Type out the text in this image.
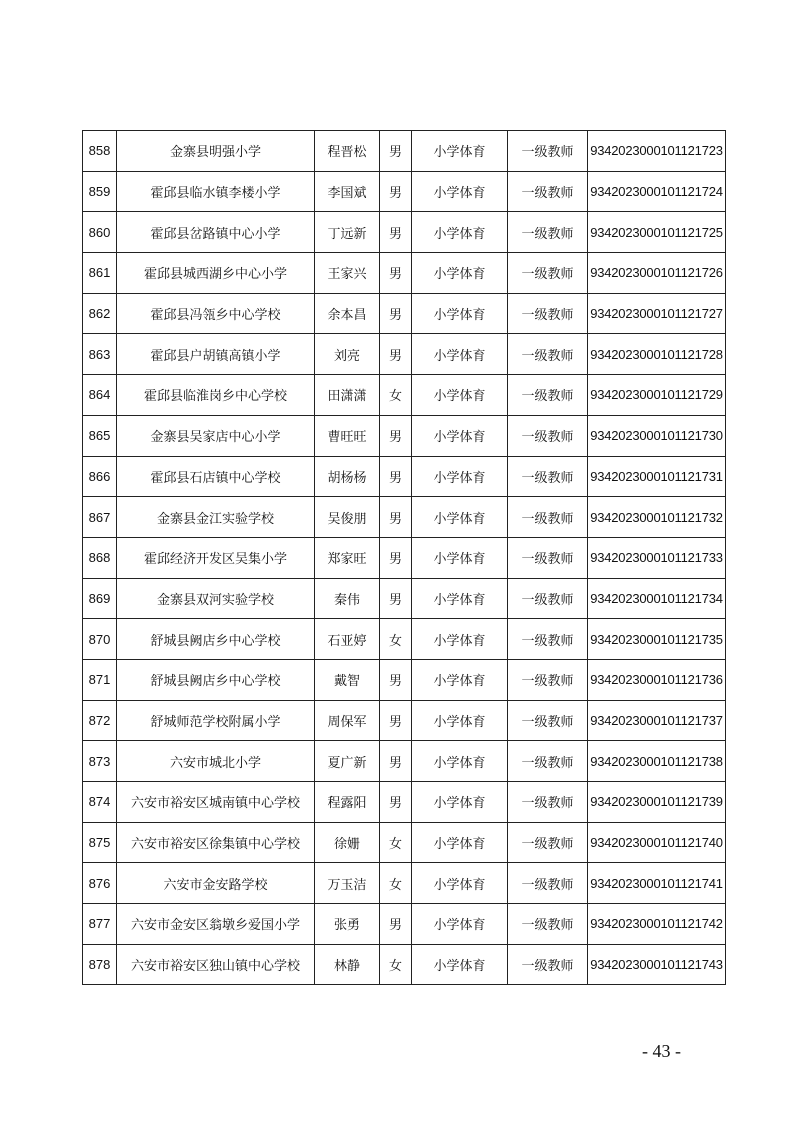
858	金寨县明强小学	程晋松	男	小学体育	一级教师	9342023000101121723
859	霍邱县临水镇李楼小学	李国斌	男	小学体育	一级教师	9342023000101121724
860	霍邱县岔路镇中心小学	丁远新	男	小学体育	一级教师	9342023000101121725
861	霍邱县城西湖乡中心小学	王家兴	男	小学体育	一级教师	9342023000101121726
862	霍邱县冯瓴乡中心学校	余本昌	男	小学体育	一级教师	9342023000101121727
863	霍邱县户胡镇高镇小学	刘亮	男	小学体育	一级教师	9342023000101121728
864	霍邱县临淮岗乡中心学校	田潇潇	女	小学体育	一级教师	9342023000101121729
865	金寨县吴家店中心小学	曹旺旺	男	小学体育	一级教师	9342023000101121730
866	霍邱县石店镇中心学校	胡杨杨	男	小学体育	一级教师	9342023000101121731
867	金寨县金江实验学校	吴俊朋	男	小学体育	一级教师	9342023000101121732
868	霍邱经济开发区吴集小学	郑家旺	男	小学体育	一级教师	9342023000101121733
869	金寨县双河实验学校	秦伟	男	小学体育	一级教师	9342023000101121734
870	舒城县阙店乡中心学校	石亚婷	女	小学体育	一级教师	9342023000101121735
871	舒城县阙店乡中心学校	戴智	男	小学体育	一级教师	9342023000101121736
872	舒城师范学校附属小学	周保军	男	小学体育	一级教师	9342023000101121737
873	六安市城北小学	夏广新	男	小学体育	一级教师	9342023000101121738
874	六安市裕安区城南镇中心学校	程露阳	男	小学体育	一级教师	9342023000101121739
875	六安市裕安区徐集镇中心学校	徐姗	女	小学体育	一级教师	9342023000101121740
876	六安市金安路学校	万玉洁	女	小学体育	一级教师	9342023000101121741
877	六安市金安区翁墩乡爱国小学	张勇	男	小学体育	一级教师	9342023000101121742
878	六安市裕安区独山镇中心学校	林静	女	小学体育	一级教师	9342023000101121743
- 43 -
